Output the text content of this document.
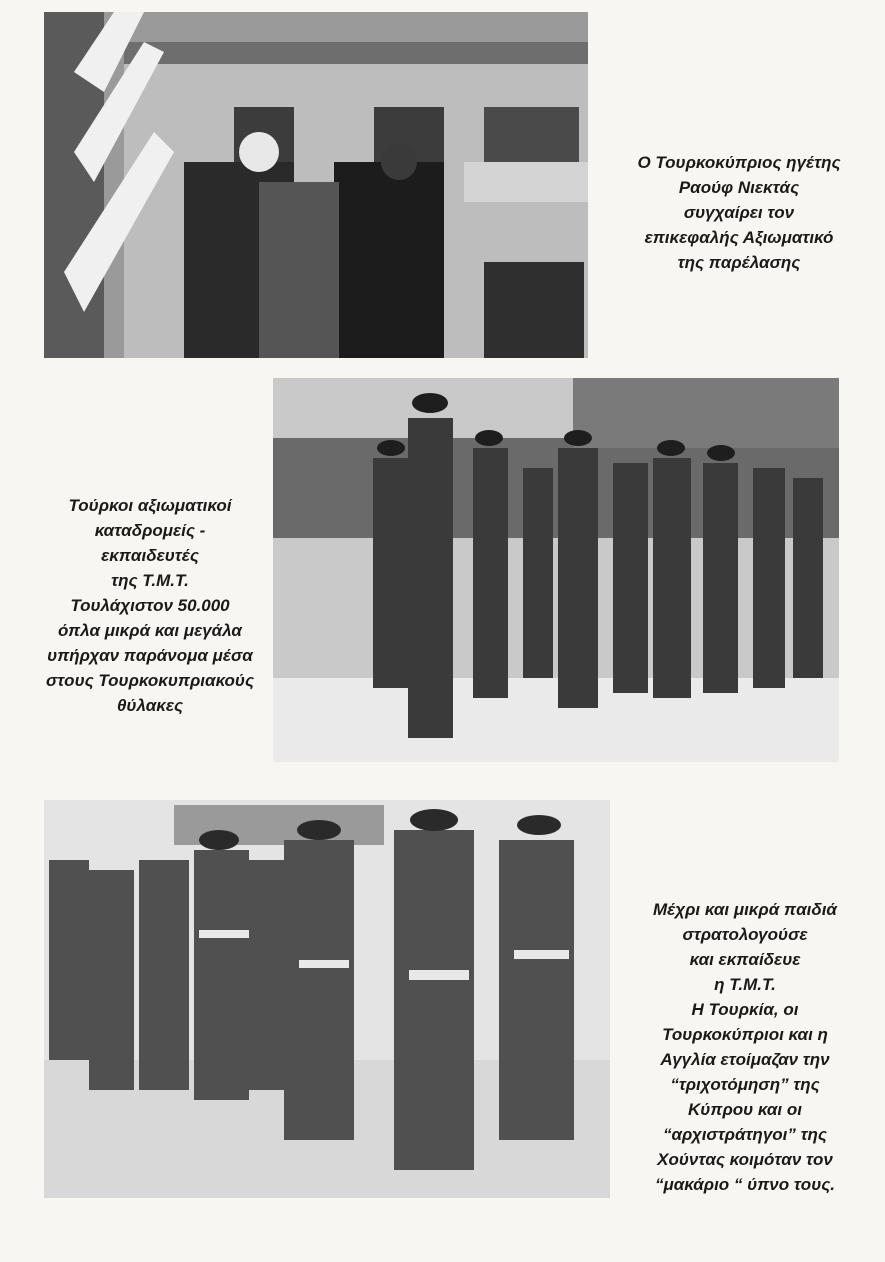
Ο Τουρκοκύπριος ηγέτης
Ραούφ Νιεκτάς
συγχαίρει τον
επικεφαλής Αξιωματικό
της παρέλασης

Τούρκοι αξιωματικοί
καταδρομείς -
εκπαιδευτές
της Τ.Μ.Τ.
Τουλάχιστον 50.000
όπλα μικρά και μεγάλα
υπήρχαν παράνομα μέσα
στους Τουρκοκυπριακούς
θύλακες

Μέχρι και μικρά παιδιά
στρατολογούσε
και εκπαίδευε
η Τ.Μ.Τ.
Η Τουρκία, οι
Τουρκοκύπριοι και η
Αγγλία ετοίμαζαν την
“τριχοτόμηση” της
Κύπρου και οι
“αρχιστράτηγοι” της
Χούντας κοιμόταν τον
“μακάριο “ ύπνο τους.
